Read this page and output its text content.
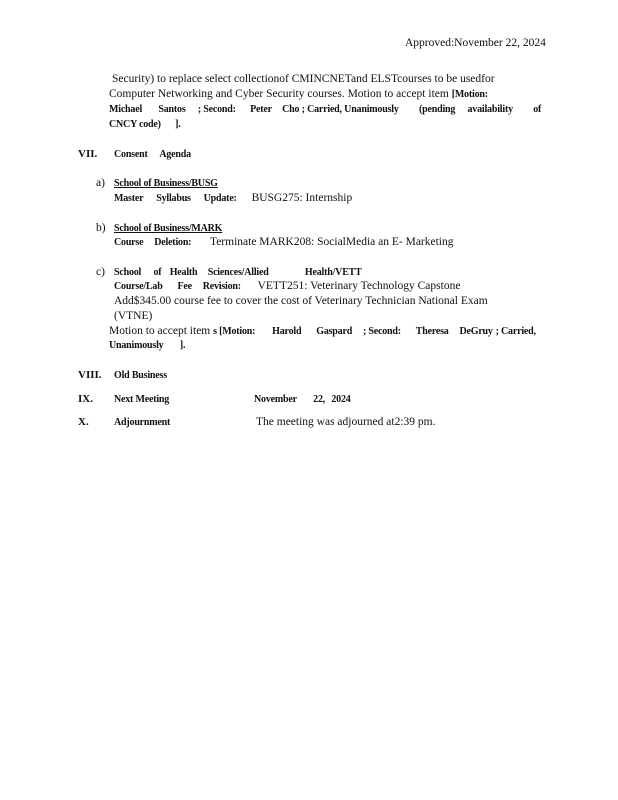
Approved:November 22, 2024
Security) to replace select collectionof CMINCNETand ELSTcourses to be usedfor
Computer Networking and Cyber Security courses. Motion to accept item [Motion:
Michael Santos ; Second: Peter Cho ; Carried, Unanimously (pending availability of
CNCY code) ].
VII. Consent Agenda
a) School of Business/BUSG
Master Syllabus Update: BUSG275: Internship
b) School of Business/MARK
Course Deletion: Terminate MARK208: SocialMedia an E- Marketing
c) School of Health Sciences/Allied	Health/VETT
Course/Lab Fee Revision: VETT251: Veterinary Technology Capstone
Add$345.00 course fee to cover the cost of Veterinary Technician National Exam
(VTNE)
Motion to accept item s [Motion: Harold Gaspard ; Second: Theresa DeGruy ; Carried,
Unanimously ].
VIII. Old Business
IX. Next Meeting	November 22, 2024
X.	Adjournment	The meeting was adjourned at2:39 pm.
